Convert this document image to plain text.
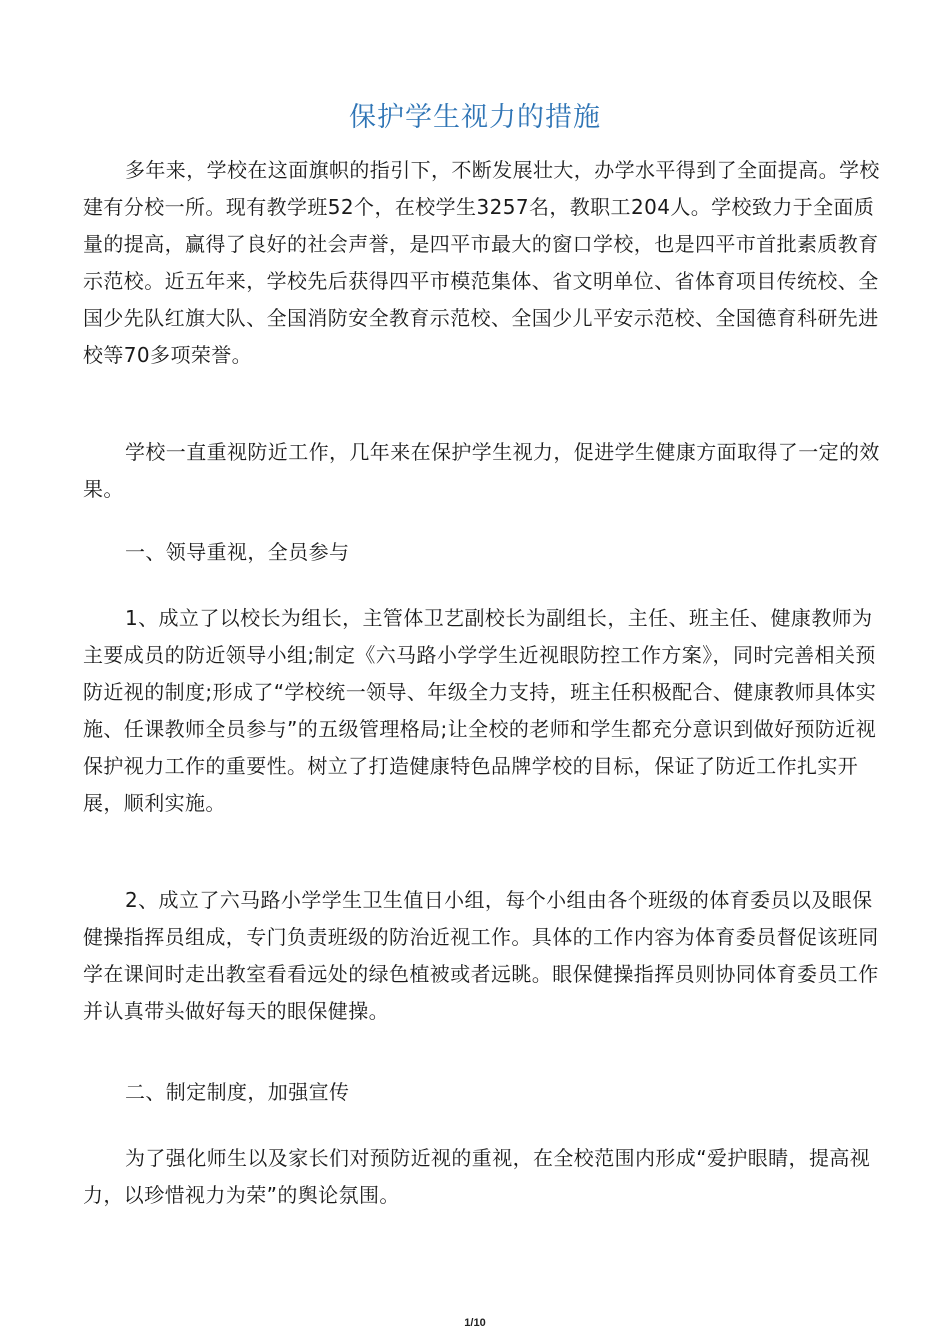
保护学生视力的措施

多年来，学校在这面旗帜的指引下，不断发展壮大，办学水平得到了全面提高。学校建有分校一所。现有教学班52个，在校学生3257名，教职工204人。学校致力于全面质量的提高，赢得了良好的社会声誉，是四平市最大的窗口学校，也是四平市首批素质教育示范校。近五年来，学校先后获得四平市模范集体、省文明单位、省体育项目传统校、全国少先队红旗大队、全国消防安全教育示范校、全国少儿平安示范校、全国德育科研先进校等70多项荣誉。

学校一直重视防近工作，几年来在保护学生视力，促进学生健康方面取得了一定的效果。

一、领导重视，全员参与

1、成立了以校长为组长，主管体卫艺副校长为副组长，主任、班主任、健康教师为主要成员的防近领导小组;制定《六马路小学学生近视眼防控工作方案》，同时完善相关预防近视的制度;形成了“学校统一领导、年级全力支持，班主任积极配合、健康教师具体实施、任课教师全员参与”的五级管理格局;让全校的老师和学生都充分意识到做好预防近视保护视力工作的重要性。树立了打造健康特色品牌学校的目标，保证了防近工作扎实开展，顺利实施。

2、成立了六马路小学学生卫生值日小组，每个小组由各个班级的体育委员以及眼保健操指挥员组成，专门负责班级的防治近视工作。具体的工作内容为体育委员督促该班同学在课间时走出教室看看远处的绿色植被或者远眺。眼保健操指挥员则协同体育委员工作并认真带头做好每天的眼保健操。

二、制定制度，加强宣传

为了强化师生以及家长们对预防近视的重视，在全校范围内形成“爱护眼睛，提高视力，以珍惜视力为荣”的舆论氛围。

1/10
